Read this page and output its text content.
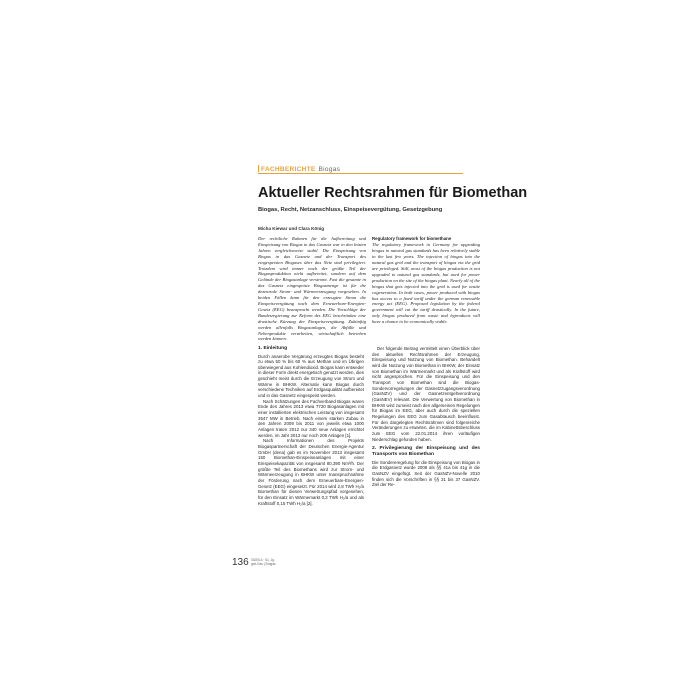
FACHBERICHTE Biogas
Aktueller Rechtsrahmen für Biomethan
Biogas, Recht, Netzanschluss, Einspeisevergütung, Gesetzgebung
Micha Kiewar und Clara König
Der rechtliche Rahmen für die Aufbereitung und Einspeisung von Biogas in das Gasnetz war in den letzten Jahren vergleichsweise stabil. Die Einspeisung von Biogas in das Gasnetz und der Transport des eingespeisten Biogases über das Netz sind privilegiert. Trotzdem wird immer noch der größte Teil der Biogasproduktion nicht aufbereitet, sondern auf dem Gelände der Biogasanlage verstromt. Fast die gesamte in das Gasnetz eingespeiste Biogasmenge ist für die dezentrale Strom- und Wärmeerzeugung vorgesehen. In beiden Fällen kann für den erzeugten Strom die Einspeisevergütung nach dem Erneuerbare-Energien-Gesetz (EEG) beansprucht werden. Die Vorschläge der Bundesregierung zur Reform des EEG beschränken eine drastische Kürzung der Einspeisevergütung. Zukünftig werden allenfalls Biogasanlagen, die Abfälle und Nebenprodukte verarbeiten, wirtschaftlich betrieben werden können.
Regulatory framework for biomethane
The regulatory framework in Germany for upgrading biogas to natural gas standards has been relatively stable in the last few years. The injection of biogas into the natural gas grid and the transport of biogas via the grid are privileged. Still, most of the biogas production is not upgraded to natural gas standards, but used for power production on the site of the biogas plant. Nearly all of the biogas that gets injected into the grid is used for onsite cogeneration. In both cases, power produced with biogas has access to a fixed tariff under the german renewable energy act (EEG). Proposed legislation by the federal government will cut the tariff drastically. In the future, only biogas produced from waste and byproducts will have a chance to be economically viable.
1. Einleitung
Durch anaerobe Vergärung erzeugtes Biogas besteht zu etwa 50 % bis 60 % aus Methan und im Übrigen überwiegend aus Kohlendioxid. Biogas kann entweder in dieser Form direkt energetisch genutzt werden, dies geschieht meist durch die Erzeugung von Strom und Wärme in BHKW. Alternativ kann Biogas durch verschiedene Techniken auf Erdgasqualität aufbereitet und in das Gasnetz eingespeist werden.
Nach Schätzungen des Fachverband Biogas waren Ende des Jahres 2013 etwa 7720 Biogasanlagen mit einer installierten elektrischen Leistung von insgesamt 3547 MW in Betrieb. Nach einem starken Zubau in den Jahren 2009 bis 2011 von jeweils etwa 1000 Anlagen traten 2012 nur 340 neue Anlagen errichtet werden, im Jahr 2013 nur noch 205 Anlagen [1].
Nach Informationen des Projekts Biogaspartnerschaft der Deutschen Energie-Agentur GmbH (dena) gab es im November 2013 insgesamt 150 Biomethan-Einspeiseanlagen mit einer Einspeisekapazität von insgesamt 80.390 Nm³/h. Der größte Teil des Biomethans wird zur Strom- und Wärmeerzeugung in BHKW unter Inanspruchnahme der Förderung nach dem Erneuerbare-Energien-Gesetz (EEG) eingesetzt. Für 2014 wird 2,8 TWh H₂/a Biomethan für diesen Verwertungspfad vorgesehen, für den Einsatz im Wärmemarkt 0,2 TWh H₂/a und als Kraftstoff 0,15 TWh H₂/a [2].
Der folgende Beitrag vermittelt einen Überblick über den aktuellen Rechtsrahmen der Erzeugung, Einspeisung und Nutzung von Biomethan. Behandelt wird die Nutzung von Biomethan in BHKW, der Einsatz von Biomethan im Wärmemarkt und als Kraftstoff wird nicht angesprochen. Für die Einspeisung und den Transport von Biomethan sind die Biogas-Sondervorregelungen der Gasnetzzugangsverordnung (GasNZV) und der Gasnetzentgeltverordnung (GasNEV) relevant. Die Verwertung von Biomethan in BHKW wird zumeist nach den allgemeinen Regelungen für Biogas im EEG, aber auch durch die speziellen Regelungen des EEG zum Gasabtausch beeinflusst. Für den dargelegten Rechtsrahmen sind folgenreiche Veränderungen zu erwarten, die im Kabinettsbeschluss zum EEG vom 22.01.2014 ihren vorläufigen Niederschlag gefunden haben.
2. Privilegierung der Einspeisung und des Transports von Biomethan
Die Sondereregelung für die Einspeisung von Biogas in die Erdgasnetz wurde 2008 als §§ 41a bis 41g in die GasNZV eingefügt. Seit der GasNZV-Novelle 2010 finden sich die Vorschriften in §§ 31 bis 37 GasNZV. Ziel der Re-
136 03/2014 · 61. Jg.
gwf-Gas | Erdgas
